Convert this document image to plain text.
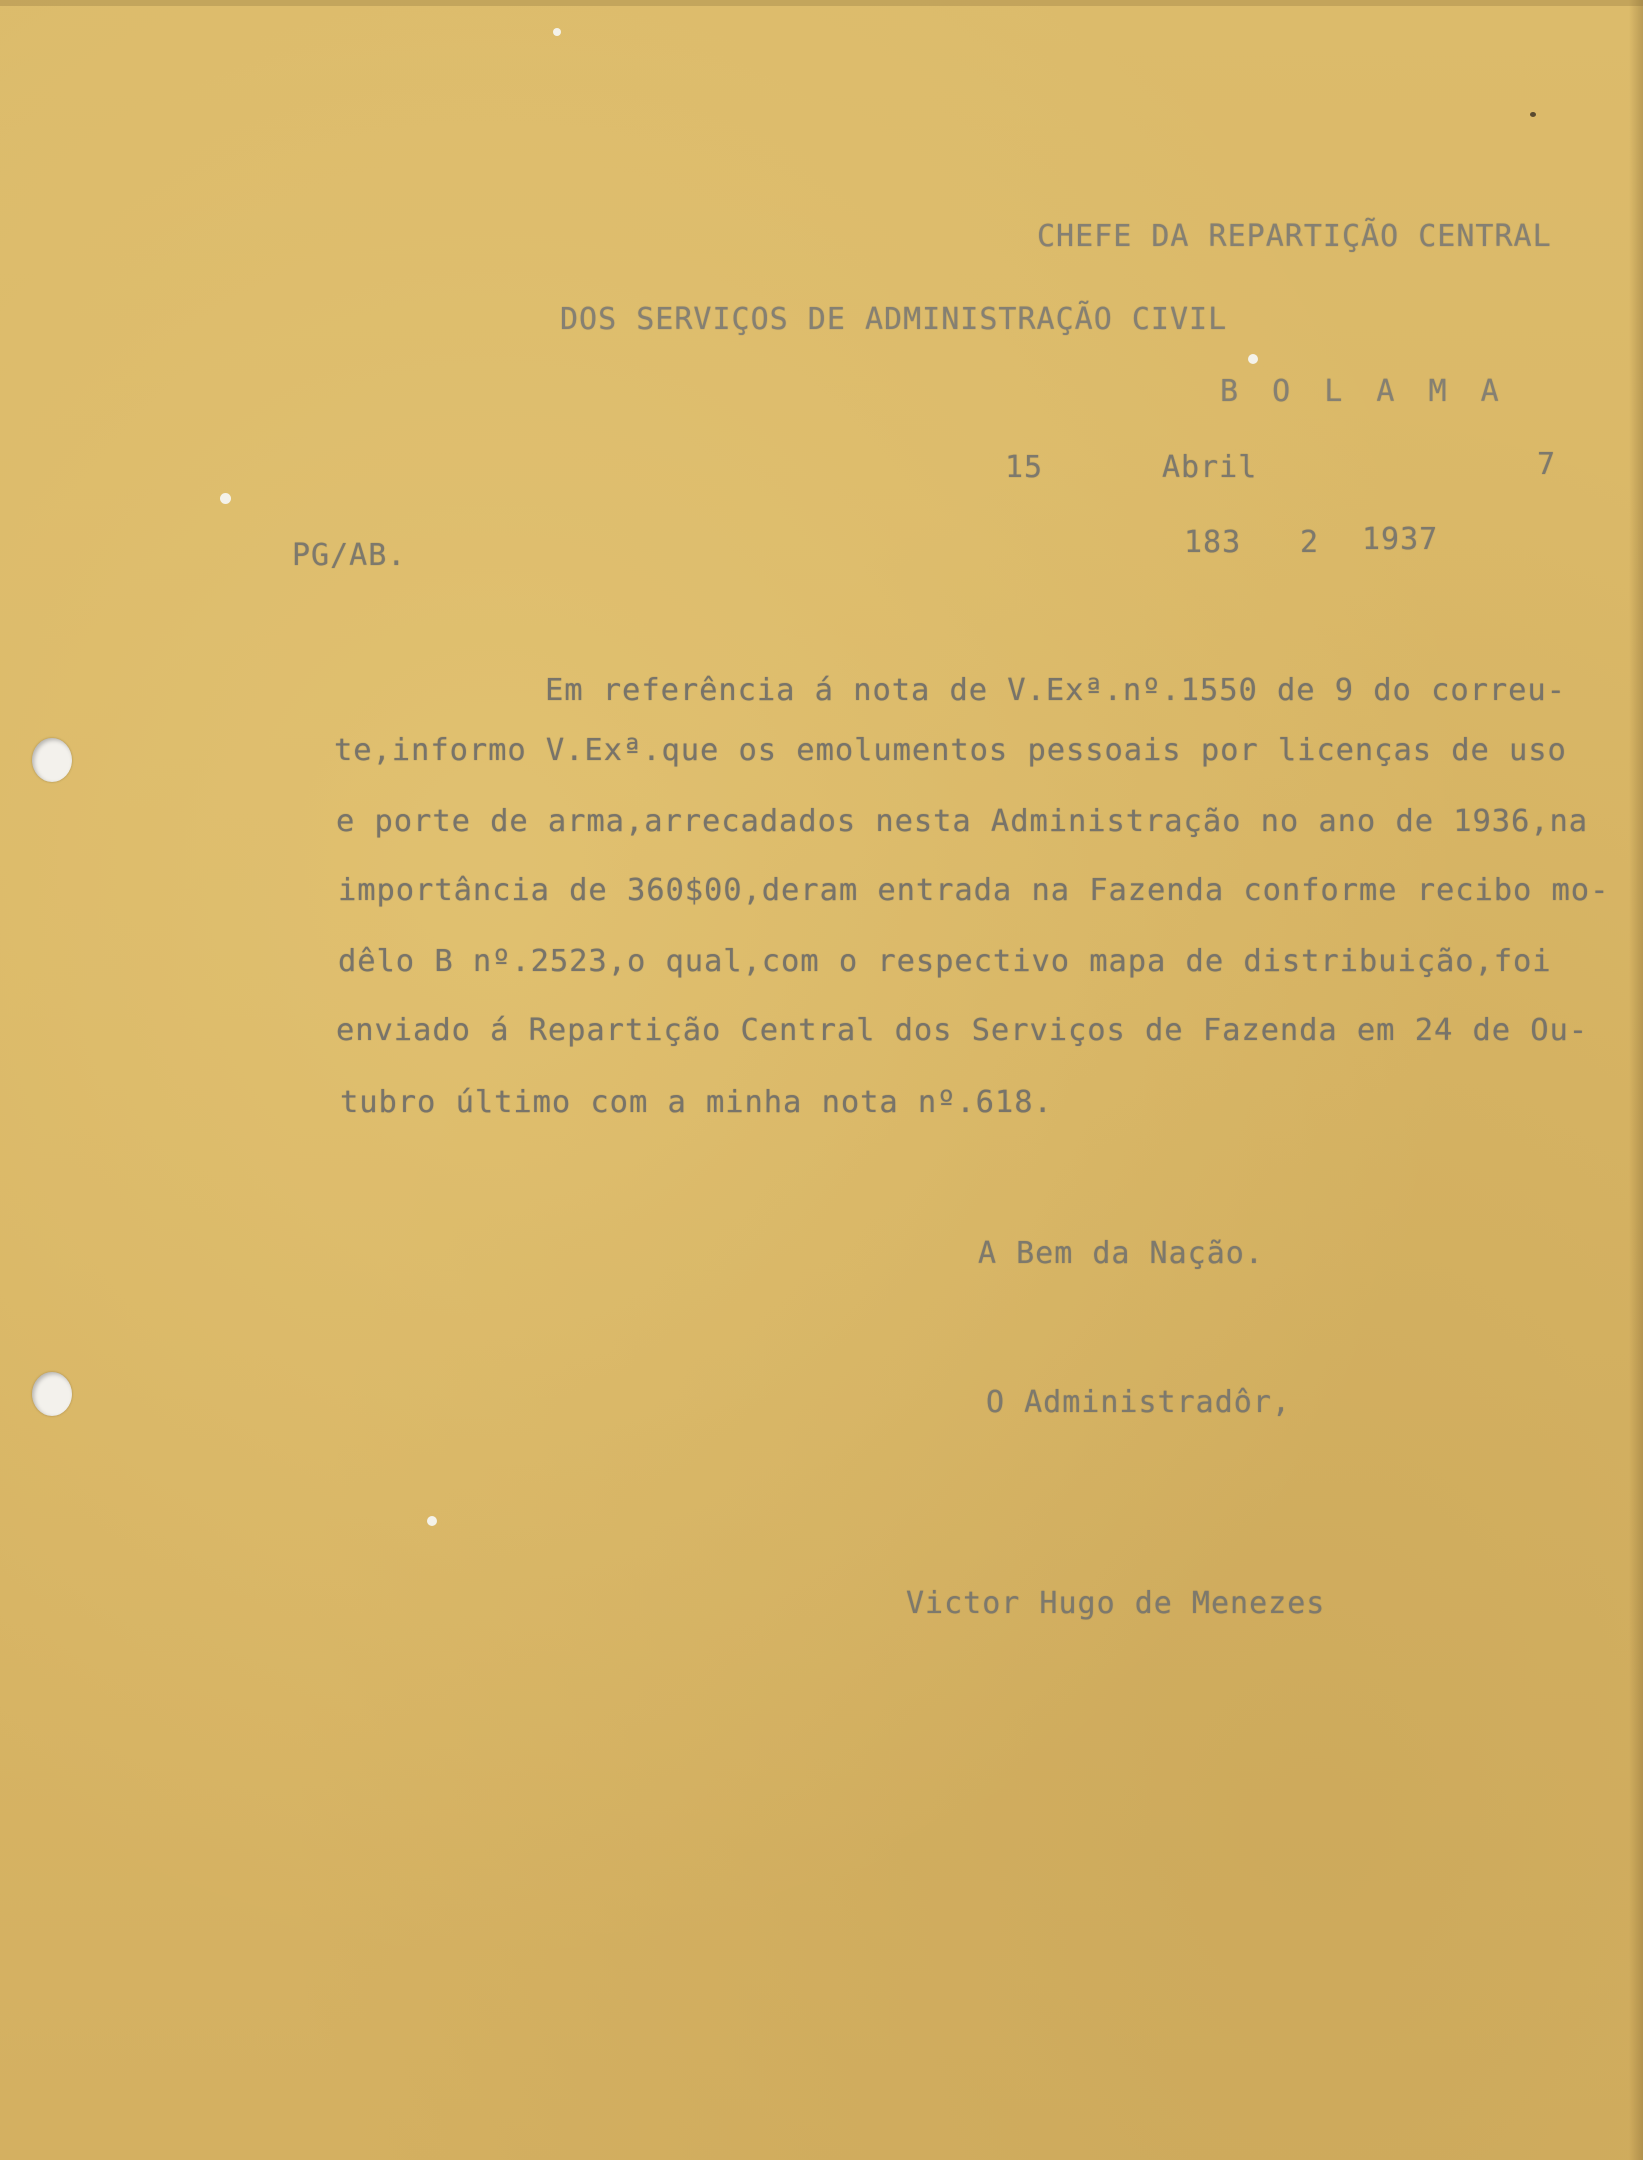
CHEFE DA REPARTIÇÃO CENTRAL
DOS SERVIÇOS DE ADMINISTRAÇÃO CIVIL
B O L A M A
15	Abril	7
PG/AB.	183 2 1937
Em referência á nota de V.Exª.nº.1550 de 9 do correu-
te,informo V.Exª.que os emolumentos pessoais por licenças de uso
e porte de arma,arrecadados nesta Administração no ano de 1936,na
importância de 360$00,deram entrada na Fazenda conforme recibo mo-
dêlo B nº.2523,o qual,com o respectivo mapa de distribuição,foi
enviado á Repartição Central dos Serviços de Fazenda em 24 de Ou-
tubro último com a minha nota nº.618.
A Bem da Nação.
O Administradôr,
Victor Hugo de Menezes
